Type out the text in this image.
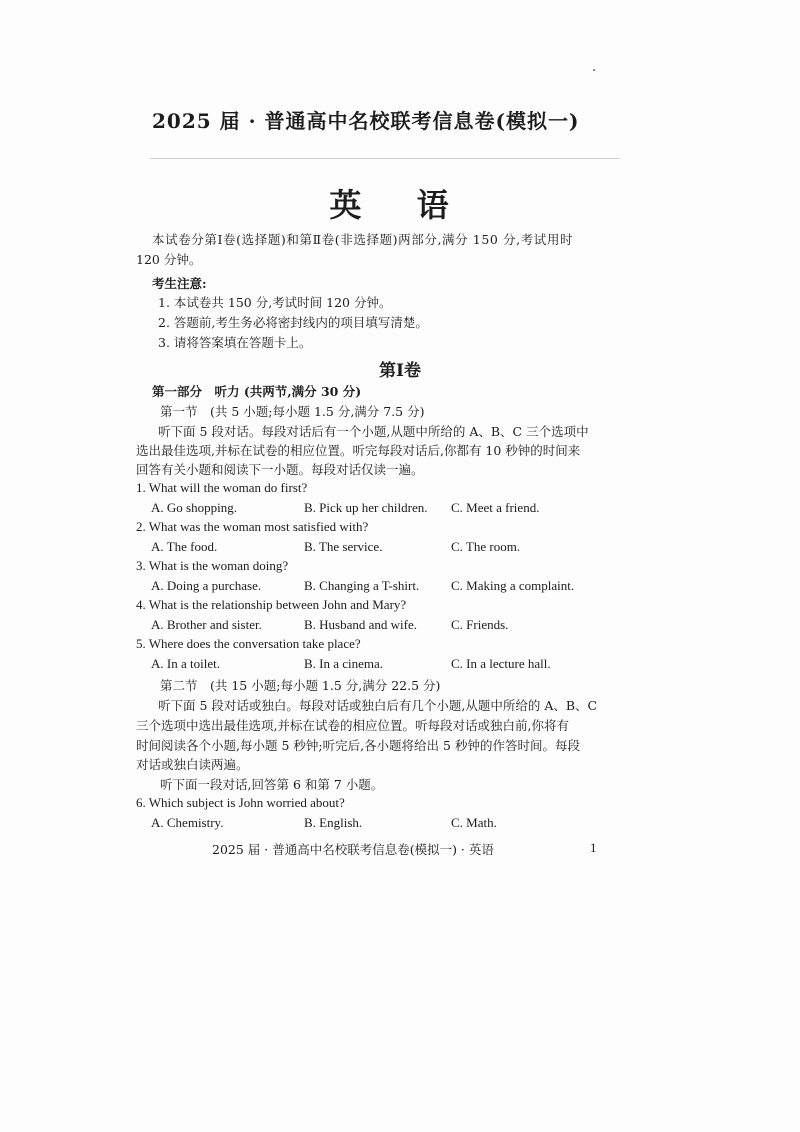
2025 届 · 普通高中名校联考信息卷(模拟一)
英 语
本试卷分第Ⅰ卷(选择题)和第Ⅱ卷(非选择题)两部分,满分 150 分,考试用时
120 分钟。
考生注意:
1. 本试卷共 150 分,考试时间 120 分钟。
2. 答题前,考生务必将密封线内的项目填写清楚。
3. 请将答案填在答题卡上。
第Ⅰ卷
第一部分　听力 (共两节,满分 30 分)
第一节　(共 5 小题;每小题 1.5 分,满分 7.5 分)
听下面 5 段对话。每段对话后有一个小题,从题中所给的 A、B、C 三个选项中
选出最佳选项,并标在试卷的相应位置。听完每段对话后,你都有 10 秒钟的时间来
回答有关小题和阅读下一小题。每段对话仅读一遍。
1. What will the woman do first?
A. Go shopping.	B. Pick up her children. C. Meet a friend.
2. What was the woman most satisfied with?
A. The food.	B. The service.	C. The room.
3. What is the woman doing?
A. Doing a purchase.	B. Changing a T-shirt. C. Making a complaint.
4. What is the relationship between John and Mary?
A. Brother and sister.	B. Husband and wife.	C. Friends.
5. Where does the conversation take place?
A. In a toilet.	B. In a cinema.	C. In a lecture hall.
第二节　(共 15 小题;每小题 1.5 分,满分 22.5 分)
听下面 5 段对话或独白。每段对话或独白后有几个小题,从题中所给的 A、B、C
三个选项中选出最佳选项,并标在试卷的相应位置。听每段对话或独白前,你将有
时间阅读各个小题,每小题 5 秒钟;听完后,各小题将给出 5 秒钟的作答时间。每段
对话或独白读两遍。
听下面一段对话,回答第 6 和第 7 小题。
6. Which subject is John worried about?
A. Chemistry.	B. English.	C. Math.
2025 届 · 普通高中名校联考信息卷(模拟一) · 英语	1
